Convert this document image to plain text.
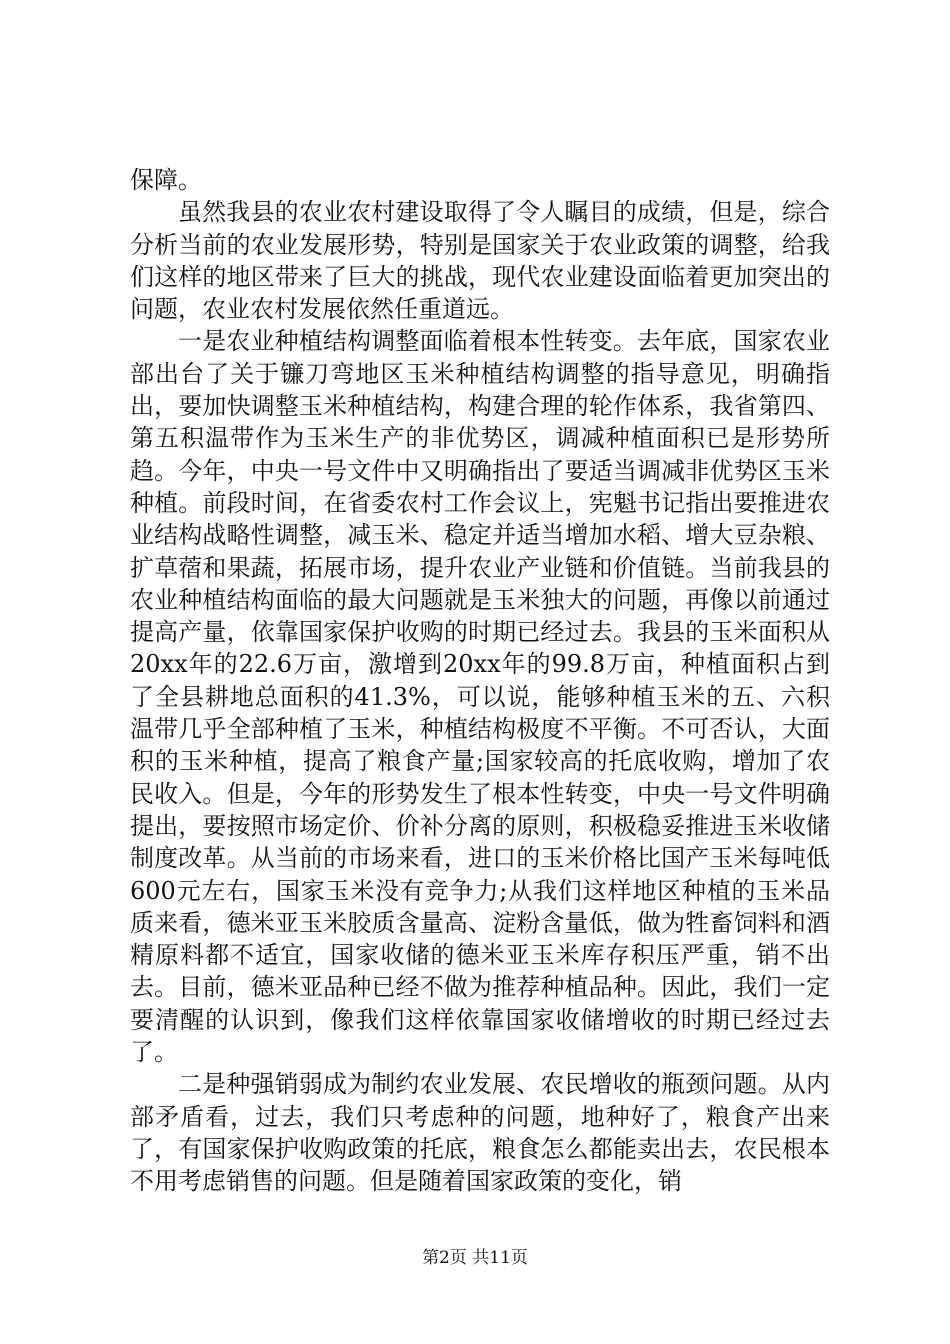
保障。

虽然我县的农业农村建设取得了令人瞩目的成绩，但是，综合分析当前的农业发展形势，特别是国家关于农业政策的调整，给我们这样的地区带来了巨大的挑战，现代农业建设面临着更加突出的问题，农业农村发展依然任重道远。

一是农业种植结构调整面临着根本性转变。去年底，国家农业部出台了关于镰刀弯地区玉米种植结构调整的指导意见，明确指出，要加快调整玉米种植结构，构建合理的轮作体系，我省第四、第五积温带作为玉米生产的非优势区，调减种植面积已是形势所趋。今年，中央一号文件中又明确指出了要适当调减非优势区玉米种植。前段时间，在省委农村工作会议上，宪魁书记指出要推进农业结构战略性调整，减玉米、稳定并适当增加水稻、增大豆杂粮、扩草蓿和果蔬，拓展市场，提升农业产业链和价值链。当前我县的农业种植结构面临的最大问题就是玉米独大的问题，再像以前通过提高产量，依靠国家保护收购的时期已经过去。我县的玉米面积从20xx年的22.6万亩，激增到20xx年的99.8万亩，种植面积占到了全县耕地总面积的41.3%，可以说，能够种植玉米的五、六积温带几乎全部种植了玉米，种植结构极度不平衡。不可否认，大面积的玉米种植，提高了粮食产量;国家较高的托底收购，增加了农民收入。但是，今年的形势发生了根本性转变，中央一号文件明确提出，要按照市场定价、价补分离的原则，积极稳妥推进玉米收储制度改革。从当前的市场来看，进口的玉米价格比国产玉米每吨低600元左右，国家玉米没有竞争力;从我们这样地区种植的玉米品质来看，德米亚玉米胶质含量高、淀粉含量低，做为牲畜饲料和酒精原料都不适宜，国家收储的德米亚玉米库存积压严重，销不出去。目前，德米亚品种已经不做为推荐种植品种。因此，我们一定要清醒的认识到，像我们这样依靠国家收储增收的时期已经过去了。

二是种强销弱成为制约农业发展、农民增收的瓶颈问题。从内部矛盾看，过去，我们只考虑种的问题，地种好了，粮食产出来了，有国家保护收购政策的托底，粮食怎么都能卖出去，农民根本不用考虑销售的问题。但是随着国家政策的变化，销

第2页 共11页
